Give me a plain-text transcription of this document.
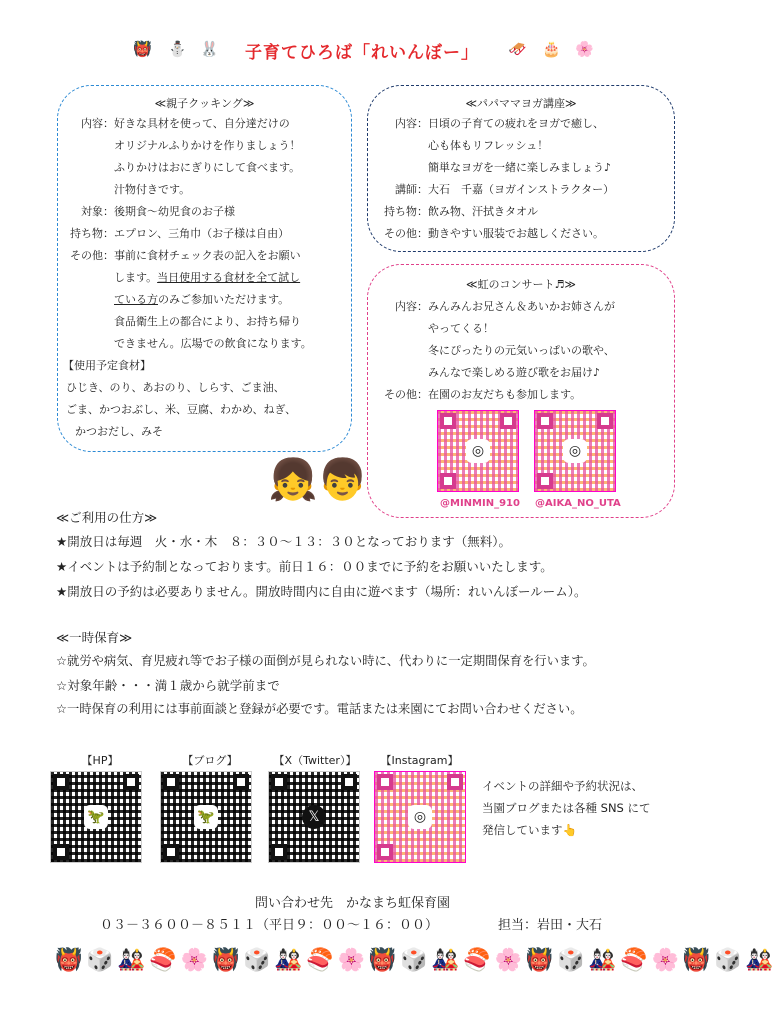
👹 ⛄ 🐰	子育てひろば「れいんぼー」	🛷 🎂 🌸
≪親子クッキング≫
内容：好きな具材を使って、自分達だけの
オリジナルふりかけを作りましょう！
ふりかけはおにぎりにして食べます。
汁物付きです。
対象：後期食～幼児食のお子様
持ち物：エプロン、三角巾（お子様は自由）
その他：事前に食材チェック表の記入をお願い
します。当日使用する食材を全て試し
ている方のみご参加いただけます。
食品衛生上の都合により、お持ち帰り
できません。広場での飲食になります。
【使用予定食材】
ひじき、のり、あおのり、しらす、ごま油、
ごま、かつおぶし、米、豆腐、わかめ、ねぎ、
かつおだし、みそ
≪パパママヨガ講座≫
内容：日頃の子育ての疲れをヨガで癒し、
心も体もリフレッシュ！
簡単なヨガを一緒に楽しみましょう♪
講師：大石　千嘉（ヨガインストラクター）
持ち物：飲み物、汗拭きタオル
その他：動きやすい服装でお越しください。
≪虹のコンサート♬≫
内容：みんみんお兄さん＆あいかお姉さんが
やってくる！
冬にぴったりの元気いっぱいの歌や、
みんなで楽しめる遊び歌をお届け♪
その他：在園のお友だちも参加します。
◎	◎
@MINMIN_910 @AIKA_NO_UTA
👧👦
≪ご利用の仕方≫
★開放日は毎週　火・水・木　８：３０～１３：３０となっております（無料）。
★イベントは予約制となっております。前日１６：００までに予約をお願いいたします。
★開放日の予約は必要ありません。開放時間内に自由に遊べます（場所：れいんぼールーム）。
≪一時保育≫
☆就労や病気、育児疲れ等でお子様の面倒が見られない時に、代わりに一定期間保育を行います。
☆対象年齢・・・満１歳から就学前まで
☆一時保育の利用には事前面談と登録が必要です。電話または来園にてお問い合わせください。
【HP】	【ブログ】	【X（Twitter）】	【Instagram】
🦖	🦖	𝕏	◎
イベントの詳細や予約状況は、
当園ブログまたは各種 SNS にて
発信しています👆
問い合わせ先　かなまち虹保育園
０３－３６００－８５１１（平日９：００～１６：００）	担当：岩田・大石
👹🎲🎎🍣🌸👹🎲🎎🍣🌸👹🎲🎎🍣🌸👹🎲🎎🍣🌸👹🎲🎎
